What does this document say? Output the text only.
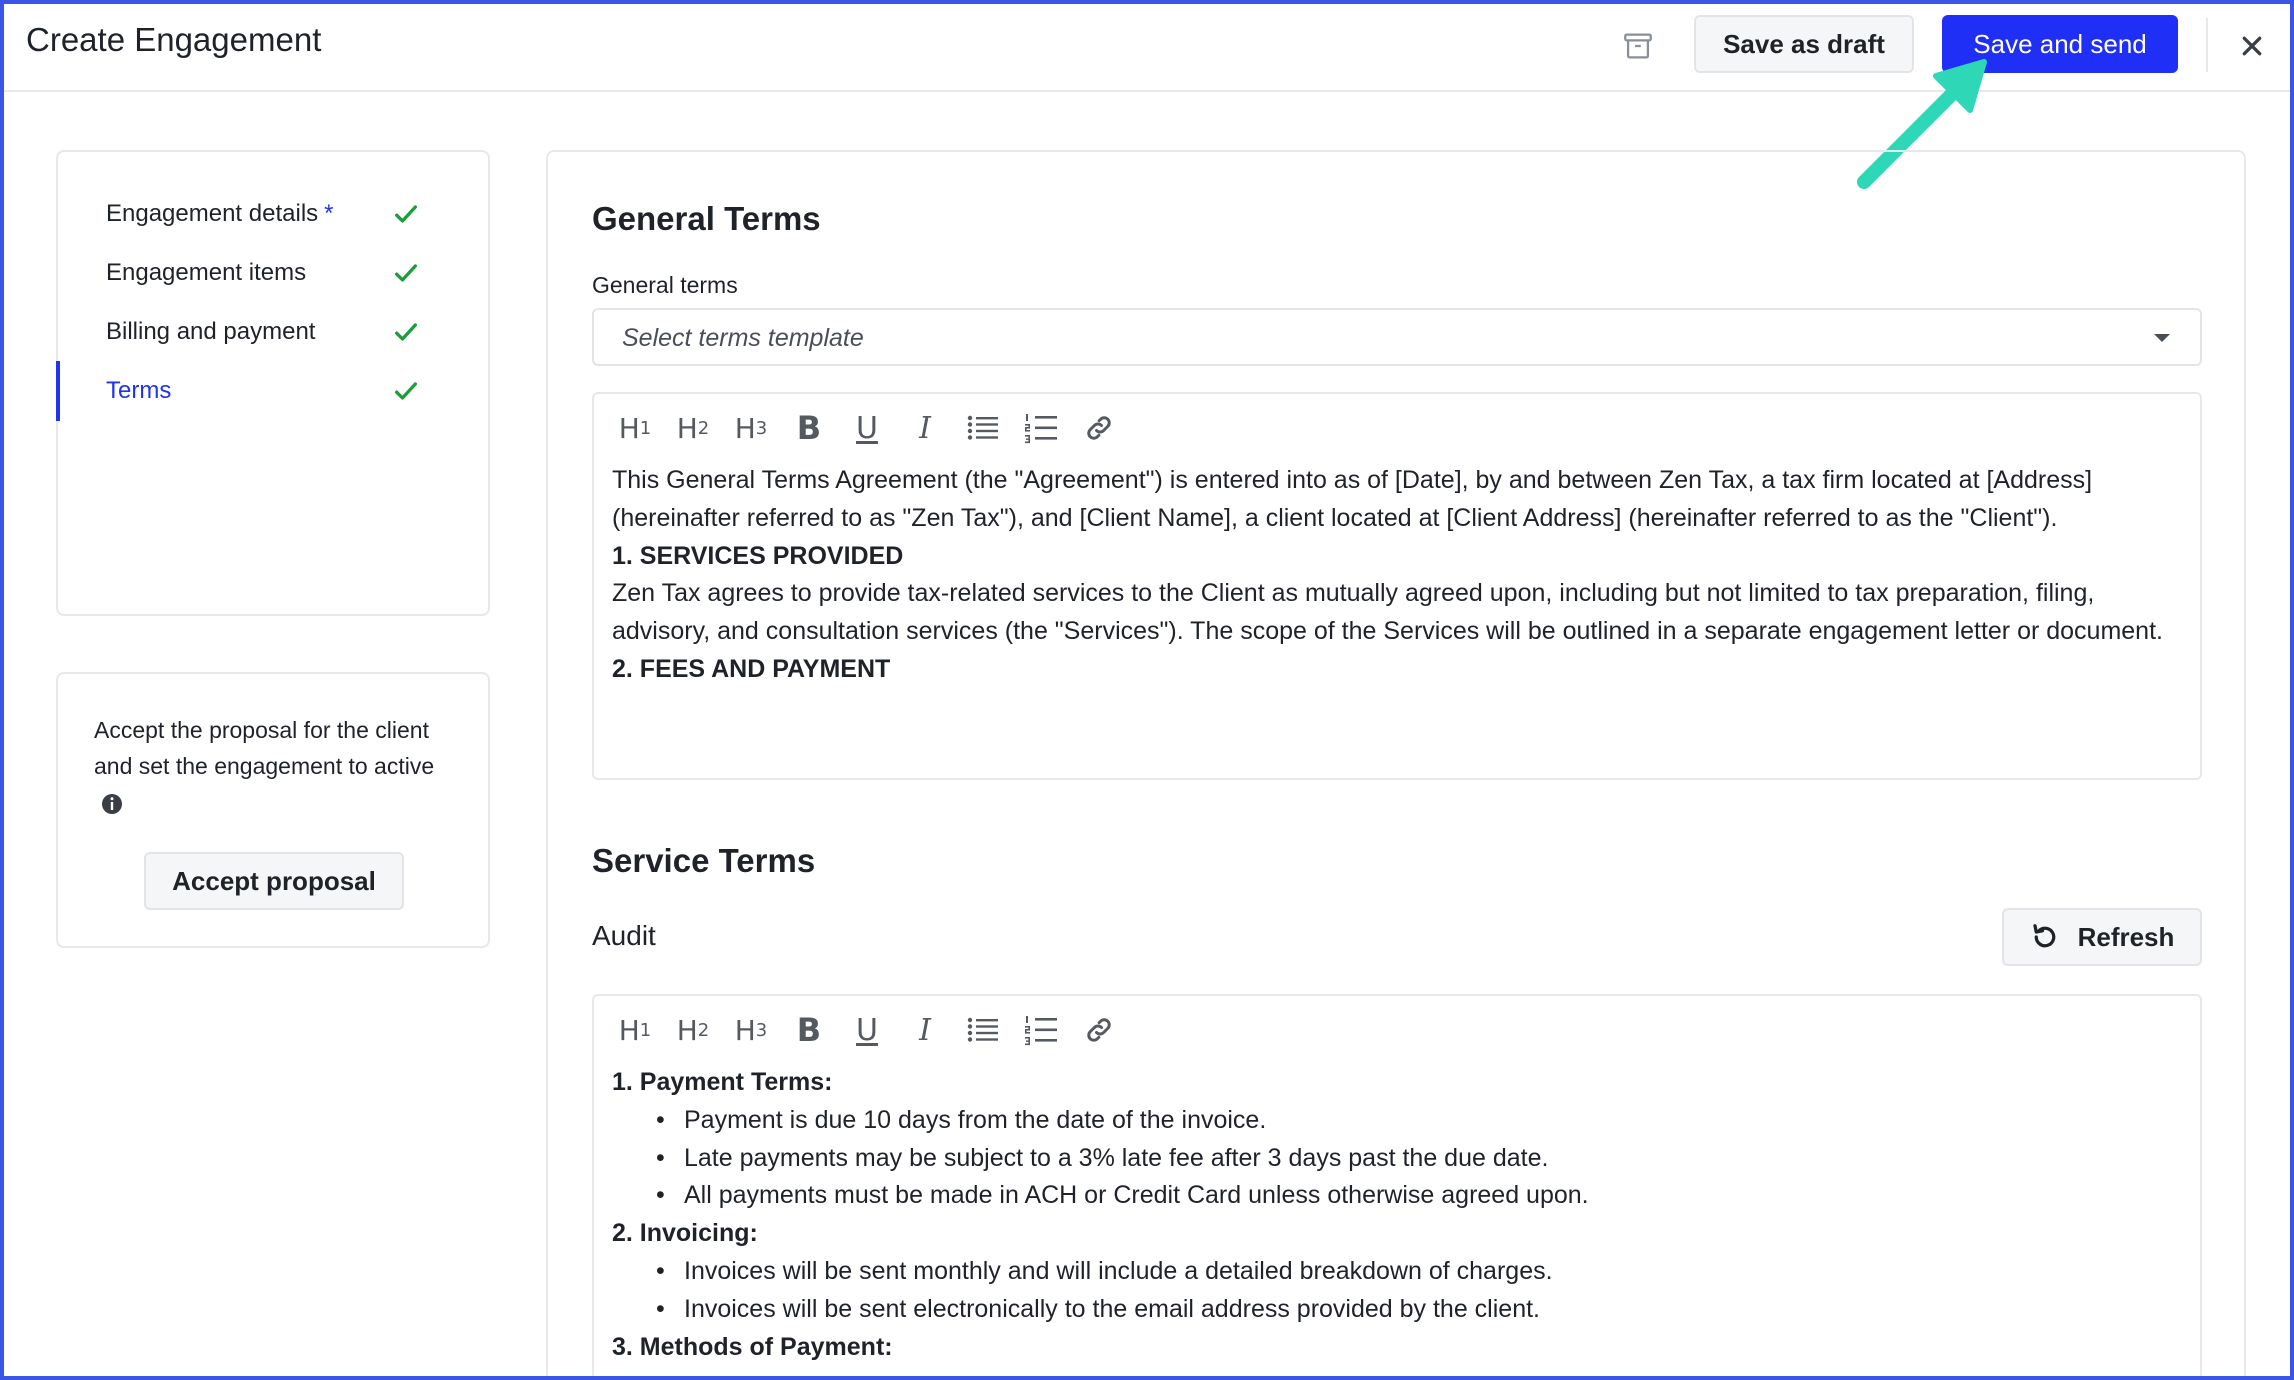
Create Engagement	Save as draft	Save and send
Engagement details *
Engagement items
Billing and payment
Terms
Accept the proposal for the client and set the engagement to active
Accept proposal
General Terms
General terms
Select terms template
H 1 H 2 H 3 B	U	I

This General Terms Agreement (the "Agreement") is entered into as of [Date], by and between Zen Tax, a tax firm located at [Address] (hereinafter referred to as "Zen Tax"), and [Client Name], a client located at [Client Address] (hereinafter referred to as the "Client").

1. SERVICES PROVIDED

Zen Tax agrees to provide tax-related services to the Client as mutually agreed upon, including but not limited to tax preparation, filing, advisory, and consultation services (the "Services"). The scope of the Services will be outlined in a separate engagement letter or document.

2. FEES AND PAYMENT

Service Terms
Audit	Refresh
H 1 H 2 H 3 B	U	I

1. Payment Terms:

• Payment is due 10 days from the date of the invoice.
• Late payments may be subject to a 3% late fee after 3 days past the due date.
• All payments must be made in ACH or Credit Card unless otherwise agreed upon.

2. Invoicing:

• Invoices will be sent monthly and will include a detailed breakdown of charges.
• Invoices will be sent electronically to the email address provided by the client.

3. Methods of Payment:
